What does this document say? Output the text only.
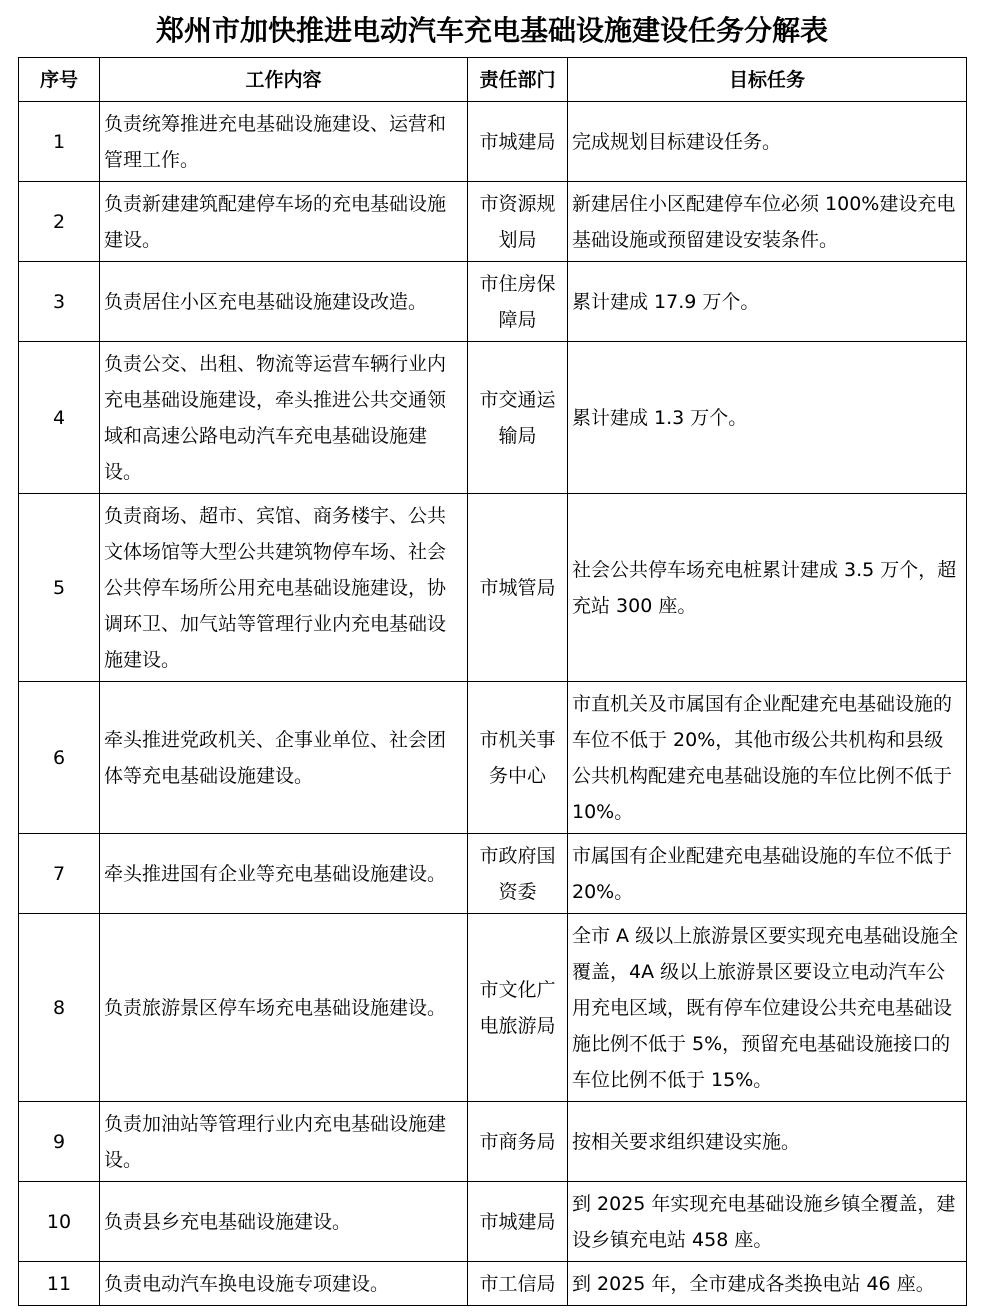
郑州市加快推进电动汽车充电基础设施建设任务分解表
序号	工作内容	责任部门	目标任务
1	负责统筹推进充电基础设施建设、运营和管理工作。	市城建局	完成规划目标建设任务。
2	负责新建建筑配建停车场的充电基础设施建设。	市资源规划局	新建居住小区配建停车位必须 100%建设充电基础设施或预留建设安装条件。
3	负责居住小区充电基础设施建设改造。	市住房保障局	累计建成 17.9 万个。
4	负责公交、出租、物流等运营车辆行业内充电基础设施建设，牵头推进公共交通领域和高速公路电动汽车充电基础设施建设。	市交通运输局	累计建成 1.3 万个。
5	负责商场、超市、宾馆、商务楼宇、公共文体场馆等大型公共建筑物停车场、社会公共停车场所公用充电基础设施建设，协调环卫、加气站等管理行业内充电基础设施建设。	市城管局	社会公共停车场充电桩累计建成 3.5 万个，超充站 300 座。
6	牵头推进党政机关、企事业单位、社会团体等充电基础设施建设。	市机关事务中心	市直机关及市属国有企业配建充电基础设施的车位不低于 20%，其他市级公共机构和县级公共机构配建充电基础设施的车位比例不低于 10%。
7	牵头推进国有企业等充电基础设施建设。	市政府国资委	市属国有企业配建充电基础设施的车位不低于 20%。
8	负责旅游景区停车场充电基础设施建设。	市文化广电旅游局	全市 A 级以上旅游景区要实现充电基础设施全覆盖，4A 级以上旅游景区要设立电动汽车公用充电区域，既有停车位建设公共充电基础设施比例不低于 5%，预留充电基础设施接口的车位比例不低于 15%。
9	负责加油站等管理行业内充电基础设施建设。	市商务局	按相关要求组织建设实施。
10	负责县乡充电基础设施建设。	市城建局	到 2025 年实现充电基础设施乡镇全覆盖，建设乡镇充电站 458 座。
11	负责电动汽车换电设施专项建设。	市工信局	到 2025 年，全市建成各类换电站 46 座。
